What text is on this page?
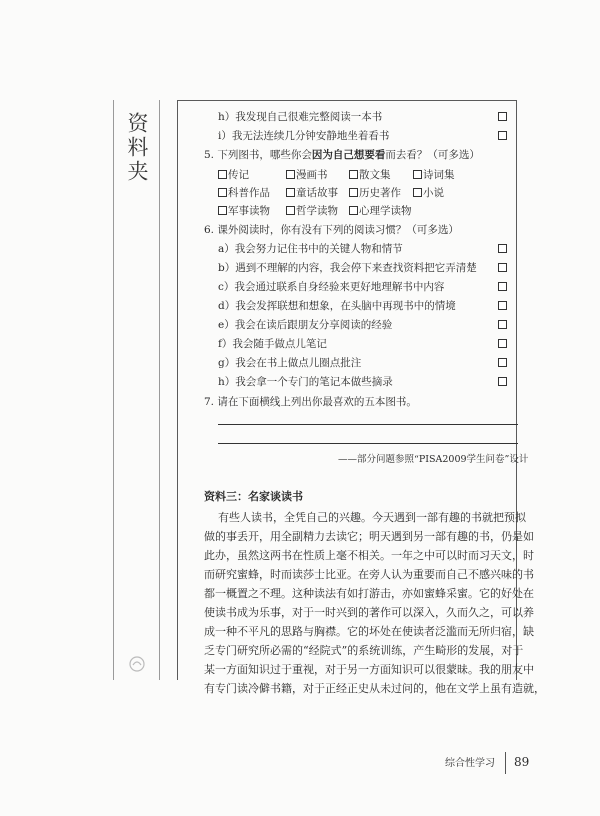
资料夹	h）我发现自己很难完整阅读一本书
i）我无法连续几分钟安静地坐着看书
5. 下列图书，哪些你会因为自己想要看而去看？（可多选）
传记	漫画书	散文集	诗词集
科普作品	童话故事	历史著作	小说
军事读物	哲学读物	心理学读物
6. 课外阅读时，你有没有下列的阅读习惯？（可多选）
a）我会努力记住书中的关键人物和情节
b）遇到不理解的内容，我会停下来查找资料把它弄清楚
c）我会通过联系自身经验来更好地理解书中内容
d）我会发挥联想和想象，在头脑中再现书中的情境
e）我会在读后跟朋友分享阅读的经验
f）我会随手做点儿笔记
g）我会在书上做点儿圈点批注
h）我会拿一个专门的笔记本做些摘录
7. 请在下面横线上列出你最喜欢的五本图书。
——部分问题参照“PISA2009学生问卷”设计
资料三：名家谈读书
有些人读书，全凭自己的兴趣。今天遇到一部有趣的书就把预拟
做的事丢开，用全副精力去读它；明天遇到另一部有趣的书，仍是如
此办，虽然这两书在性质上毫不相关。一年之中可以时而习天文，时
而研究蜜蜂，时而读莎士比亚。在旁人认为重要而自己不感兴味的书
都一概置之不理。这种读法有如打游击，亦如蜜蜂采蜜。它的好处在
使读书成为乐事，对于一时兴到的著作可以深入，久而久之，可以养
成一种不平凡的思路与胸襟。它的坏处在使读者泛滥而无所归宿，缺
乏专门研究所必需的“经院式”的系统训练，产生畸形的发展，对于
某一方面知识过于重视，对于另一方面知识可以很蒙昧。我的朋友中
有专门读冷僻书籍，对于正经正史从未过问的，他在文学上虽有造就，
综合性学习 89
